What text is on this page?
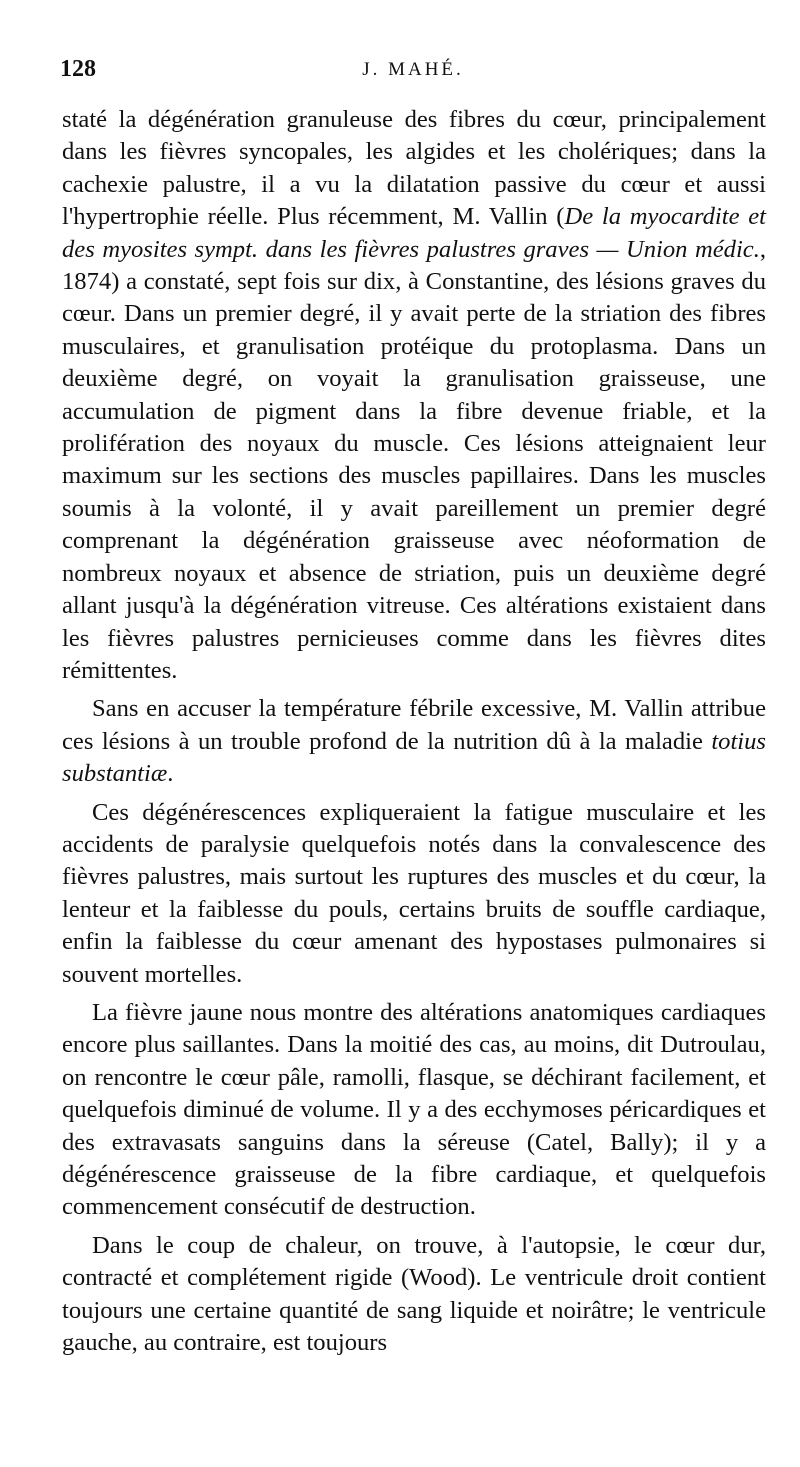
128	J. MAHÉ.

staté la dégénération granuleuse des fibres du cœur, principalement dans les fièvres syncopales, les algides et les cholériques; dans la cachexie palustre, il a vu la dilatation passive du cœur et aussi l'hypertrophie réelle. Plus récemment, M. Vallin (De la myocardite et des myosites sympt. dans les fièvres palustres graves — Union médic., 1874) a constaté, sept fois sur dix, à Constantine, des lésions graves du cœur. Dans un premier degré, il y avait perte de la striation des fibres musculaires, et granulisation protéique du protoplasma. Dans un deuxième degré, on voyait la granulisation graisseuse, une accumulation de pigment dans la fibre devenue friable, et la prolifération des noyaux du muscle. Ces lésions atteignaient leur maximum sur les sections des muscles papillaires. Dans les muscles soumis à la volonté, il y avait pareillement un premier degré comprenant la dégénération graisseuse avec néoformation de nombreux noyaux et absence de striation, puis un deuxième degré allant jusqu'à la dégénération vitreuse. Ces altérations existaient dans les fièvres palustres pernicieuses comme dans les fièvres dites rémittentes.

Sans en accuser la température fébrile excessive, M. Vallin attribue ces lésions à un trouble profond de la nutrition dû à la maladie totius substantiæ.

Ces dégénérescences expliqueraient la fatigue musculaire et les accidents de paralysie quelquefois notés dans la convalescence des fièvres palustres, mais surtout les ruptures des muscles et du cœur, la lenteur et la faiblesse du pouls, certains bruits de souffle cardiaque, enfin la faiblesse du cœur amenant des hypostases pulmonaires si souvent mortelles.

La fièvre jaune nous montre des altérations anatomiques cardiaques encore plus saillantes. Dans la moitié des cas, au moins, dit Dutroulau, on rencontre le cœur pâle, ramolli, flasque, se déchirant facilement, et quelquefois diminué de volume. Il y a des ecchymoses péricardiques et des extravasats sanguins dans la séreuse (Catel, Bally); il y a dégénérescence graisseuse de la fibre cardiaque, et quelquefois commencement consécutif de destruction.

Dans le coup de chaleur, on trouve, à l'autopsie, le cœur dur, contracté et complétement rigide (Wood). Le ventricule droit contient toujours une certaine quantité de sang liquide et noirâtre; le ventricule gauche, au contraire, est toujours
